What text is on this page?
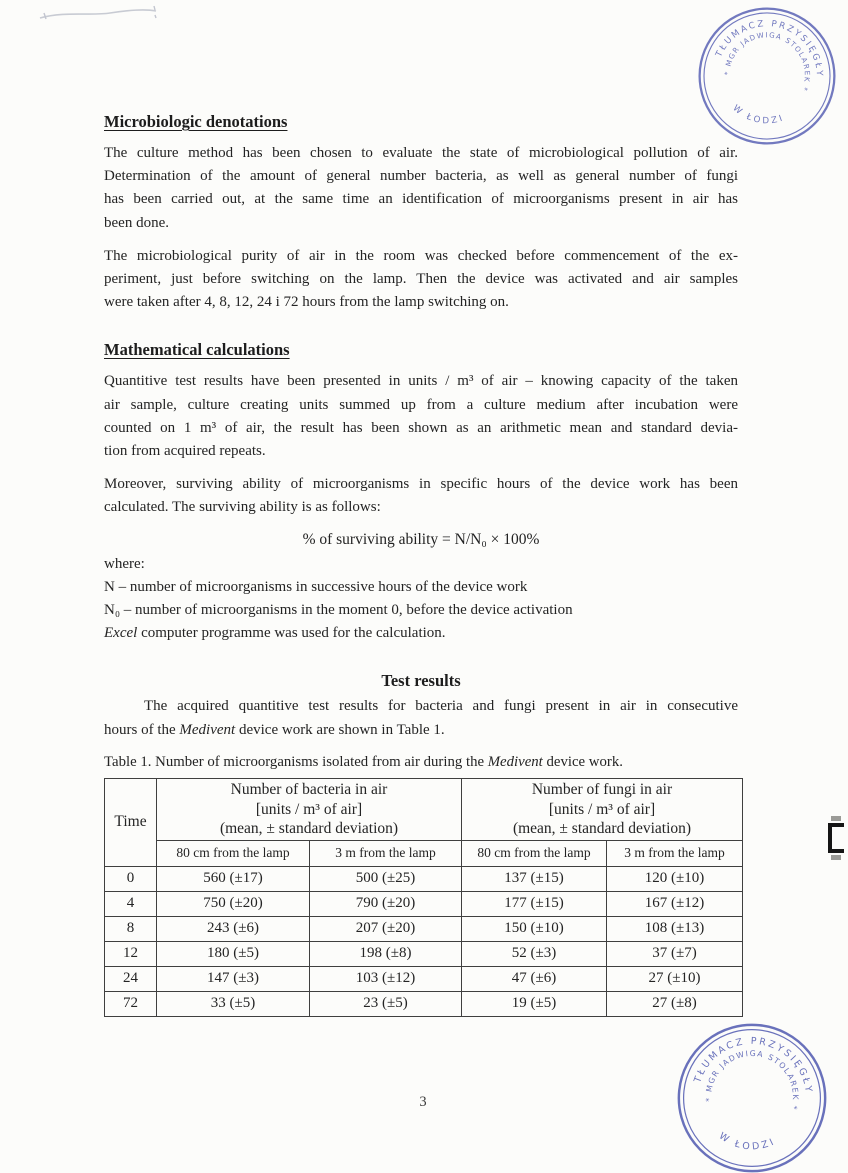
TŁUMACZ PRZYSIĘGŁY
* MGR JADWIGA STOLAREK *
W ŁODZI
Microbiologic denotations
The culture method has been chosen to evaluate the state of microbiological pollution of air.
Determination of the amount of general number bacteria, as well as general number of fungi
has been carried out, at the same time an identification of microorganisms present in air has
been done.
The microbiological purity of air in the room was checked before commencement of the ex-
periment, just before switching on the lamp. Then the device was activated and air samples
were taken after 4, 8, 12, 24 i 72 hours from the lamp switching on.
Mathematical calculations
Quantitive test results have been presented in units / m³ of air – knowing capacity of the taken
air sample, culture creating units summed up from a culture medium after incubation were
counted on 1 m³ of air, the result has been shown as an arithmetic mean and standard devia-
tion from acquired repeats.
Moreover, surviving ability of microorganisms in specific hours of the device work has been
calculated. The surviving ability is as follows:
% of surviving ability = N/N₀ × 100%
where:
N – number of microorganisms in successive hours of the device work
N₀ – number of microorganisms in the moment 0, before the device activation
Excel computer programme was used for the calculation.
Test results
The acquired quantitive test results for bacteria and fungi present in air in consecutive
hours of the Medivent device work are shown in Table 1.
Table 1. Number of microorganisms isolated from air during the Medivent device work.
Time	
Number of bacteria in air
[units / m³ of air]
(mean, ± standard deviation)

Number of fungi in air
[units / m³ of air]
(mean, ± standard deviation)

	80 cm from the lamp	3 m from the lamp	80 cm from the lamp	3 m from the lamp
0	560 (±17)	500 (±25)	137 (±15)	120 (±10)
4	750 (±20)	790 (±20)	177 (±15)	167 (±12)
8	243 (±6)	207 (±20)	150 (±10)	108 (±13)
12	180 (±5)	198 (±8)	52 (±3)	37 (±7)
24	147 (±3)	103 (±12)	47 (±6)	27 (±10)
72	33 (±5)	23 (±5)	19 (±5)	27 (±8)
3
TŁUMACZ PRZYSIĘGŁY
* MGR JADWIGA STOLAREK *
W ŁODZI
